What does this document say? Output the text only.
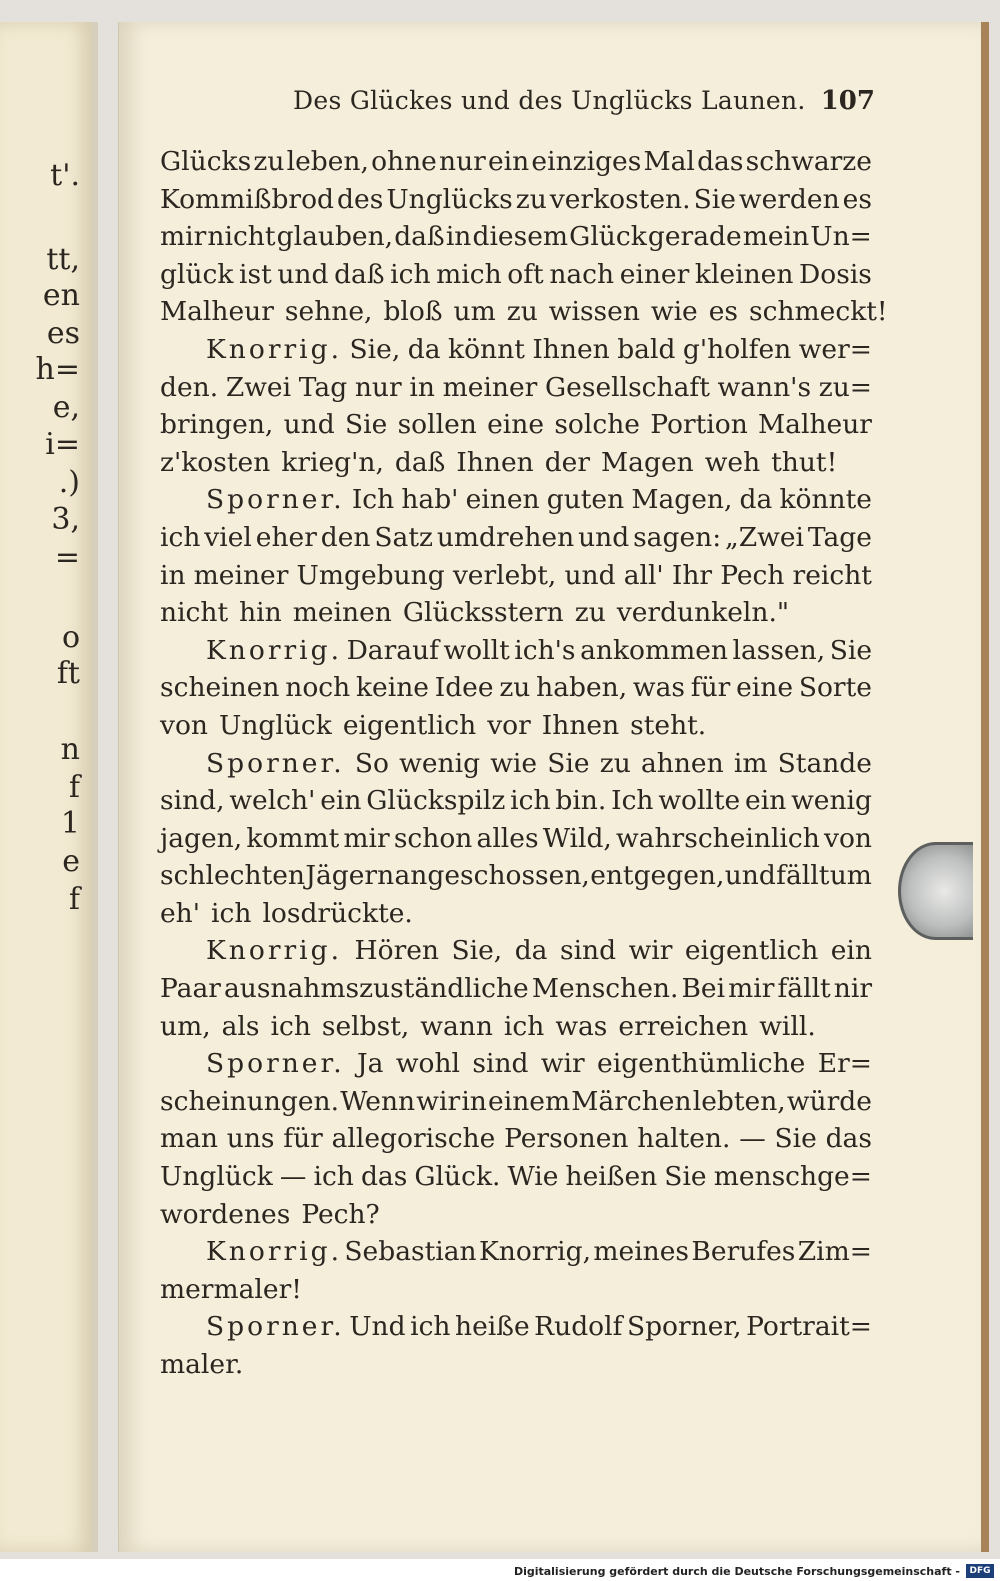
t'.
tt,
en
es
h=
e,
i=
.)
3,
=
o
ft
n
f
1
e
f
Des Glückes und des Unglücks Launen. 107
Glücks zu leben, ohne nur ein einziges Mal das schwarze
Kommißbrod des Unglücks zu verkosten. Sie werden es
mir nicht glauben, daß in diesem Glück gerade mein Un=
glück ist und daß ich mich oft nach einer kleinen Dosis
Malheur sehne, bloß um zu wissen wie es schmeckt!
Knorrig. Sie, da könnt Ihnen bald g'holfen wer=
den. Zwei Tag nur in meiner Gesellschaft wann's zu=
bringen, und Sie sollen eine solche Portion Malheur
z'kosten krieg'n, daß Ihnen der Magen weh thut!
Sporner. Ich hab' einen guten Magen, da könnte
ich viel eher den Satz umdrehen und sagen: „Zwei Tage
in meiner Umgebung verlebt, und all' Ihr Pech reicht
nicht hin meinen Glücksstern zu verdunkeln."
Knorrig. Darauf wollt ich's ankommen lassen, Sie
scheinen noch keine Idee zu haben, was für eine Sorte
von Unglück eigentlich vor Ihnen steht.
Sporner. So wenig wie Sie zu ahnen im Stande
sind, welch' ein Glückspilz ich bin. Ich wollte ein wenig
jagen, kommt mir schon alles Wild, wahrscheinlich von
schlechten Jägern angeschossen, entgegen, und fällt um
eh' ich losdrückte.
Knorrig. Hören Sie, da sind wir eigentlich ein
Paar ausnahmszuständliche Menschen. Bei mir fällt nir
um, als ich selbst, wann ich was erreichen will.
Sporner. Ja wohl sind wir eigenthümliche Er=
scheinungen. Wenn wir in einem Märchen lebten, würde
man uns für allegorische Personen halten. — Sie das
Unglück — ich das Glück. Wie heißen Sie menschge=
wordenes Pech?
Knorrig. Sebastian Knorrig, meines Berufes Zim=
mermaler!
Sporner. Und ich heiße Rudolf Sporner, Portrait=
maler.
Digitalisierung gefördert durch die Deutsche Forschungsgemeinschaft -	DFG
